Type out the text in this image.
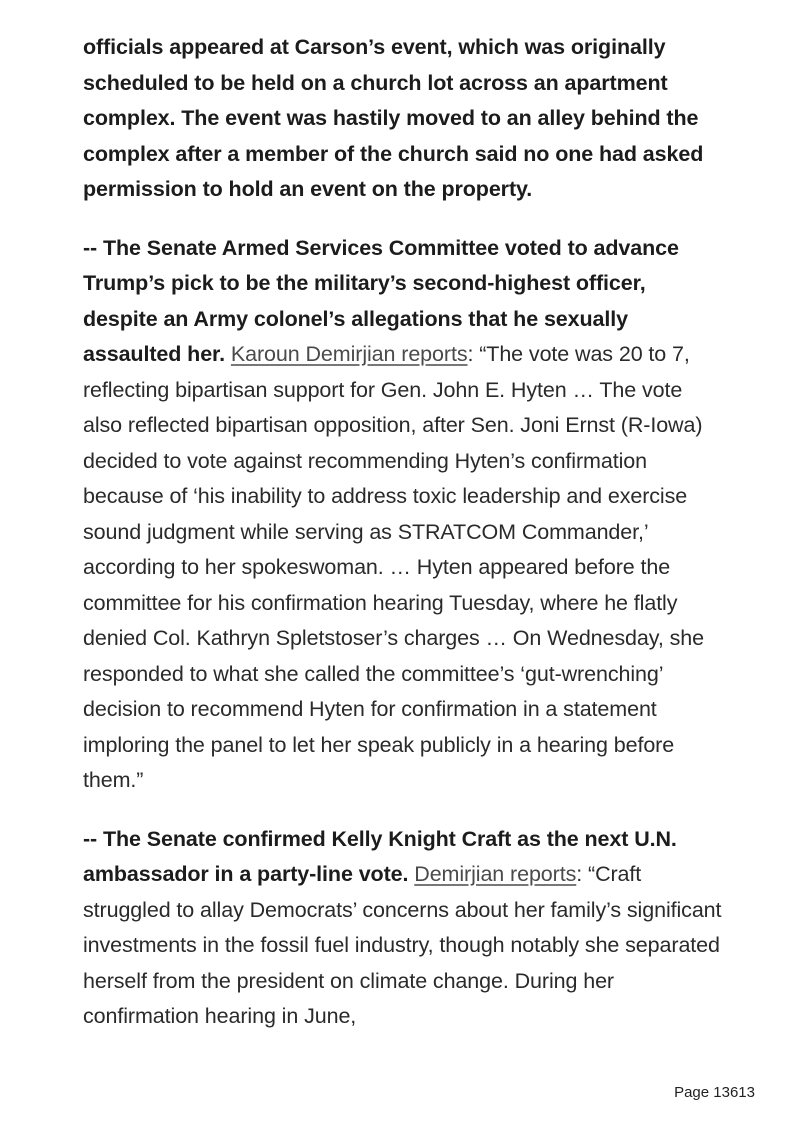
officials appeared at Carson’s event, which was originally scheduled to be held on a church lot across an apartment complex. The event was hastily moved to an alley behind the complex after a member of the church said no one had asked permission to hold an event on the property.

-- The Senate Armed Services Committee voted to advance Trump’s pick to be the military’s second-highest officer, despite an Army colonel’s allegations that he sexually assaulted her. Karoun Demirjian reports: “The vote was 20 to 7, reflecting bipartisan support for Gen. John E. Hyten … The vote also reflected bipartisan opposition, after Sen. Joni Ernst (R-Iowa) decided to vote against recommending Hyten’s confirmation because of ‘his inability to address toxic leadership and exercise sound judgment while serving as STRATCOM Commander,’ according to her spokeswoman. … Hyten appeared before the committee for his confirmation hearing Tuesday, where he flatly denied Col. Kathryn Spletstoser’s charges … On Wednesday, she responded to what she called the committee’s ‘gut-wrenching’ decision to recommend Hyten for confirmation in a statement imploring the panel to let her speak publicly in a hearing before them.”

-- The Senate confirmed Kelly Knight Craft as the next U.N. ambassador in a party-line vote. Demirjian reports: “Craft struggled to allay Democrats’ concerns about her family’s significant investments in the fossil fuel industry, though notably she separated herself from the president on climate change. During her confirmation hearing in June,

Page 13613
